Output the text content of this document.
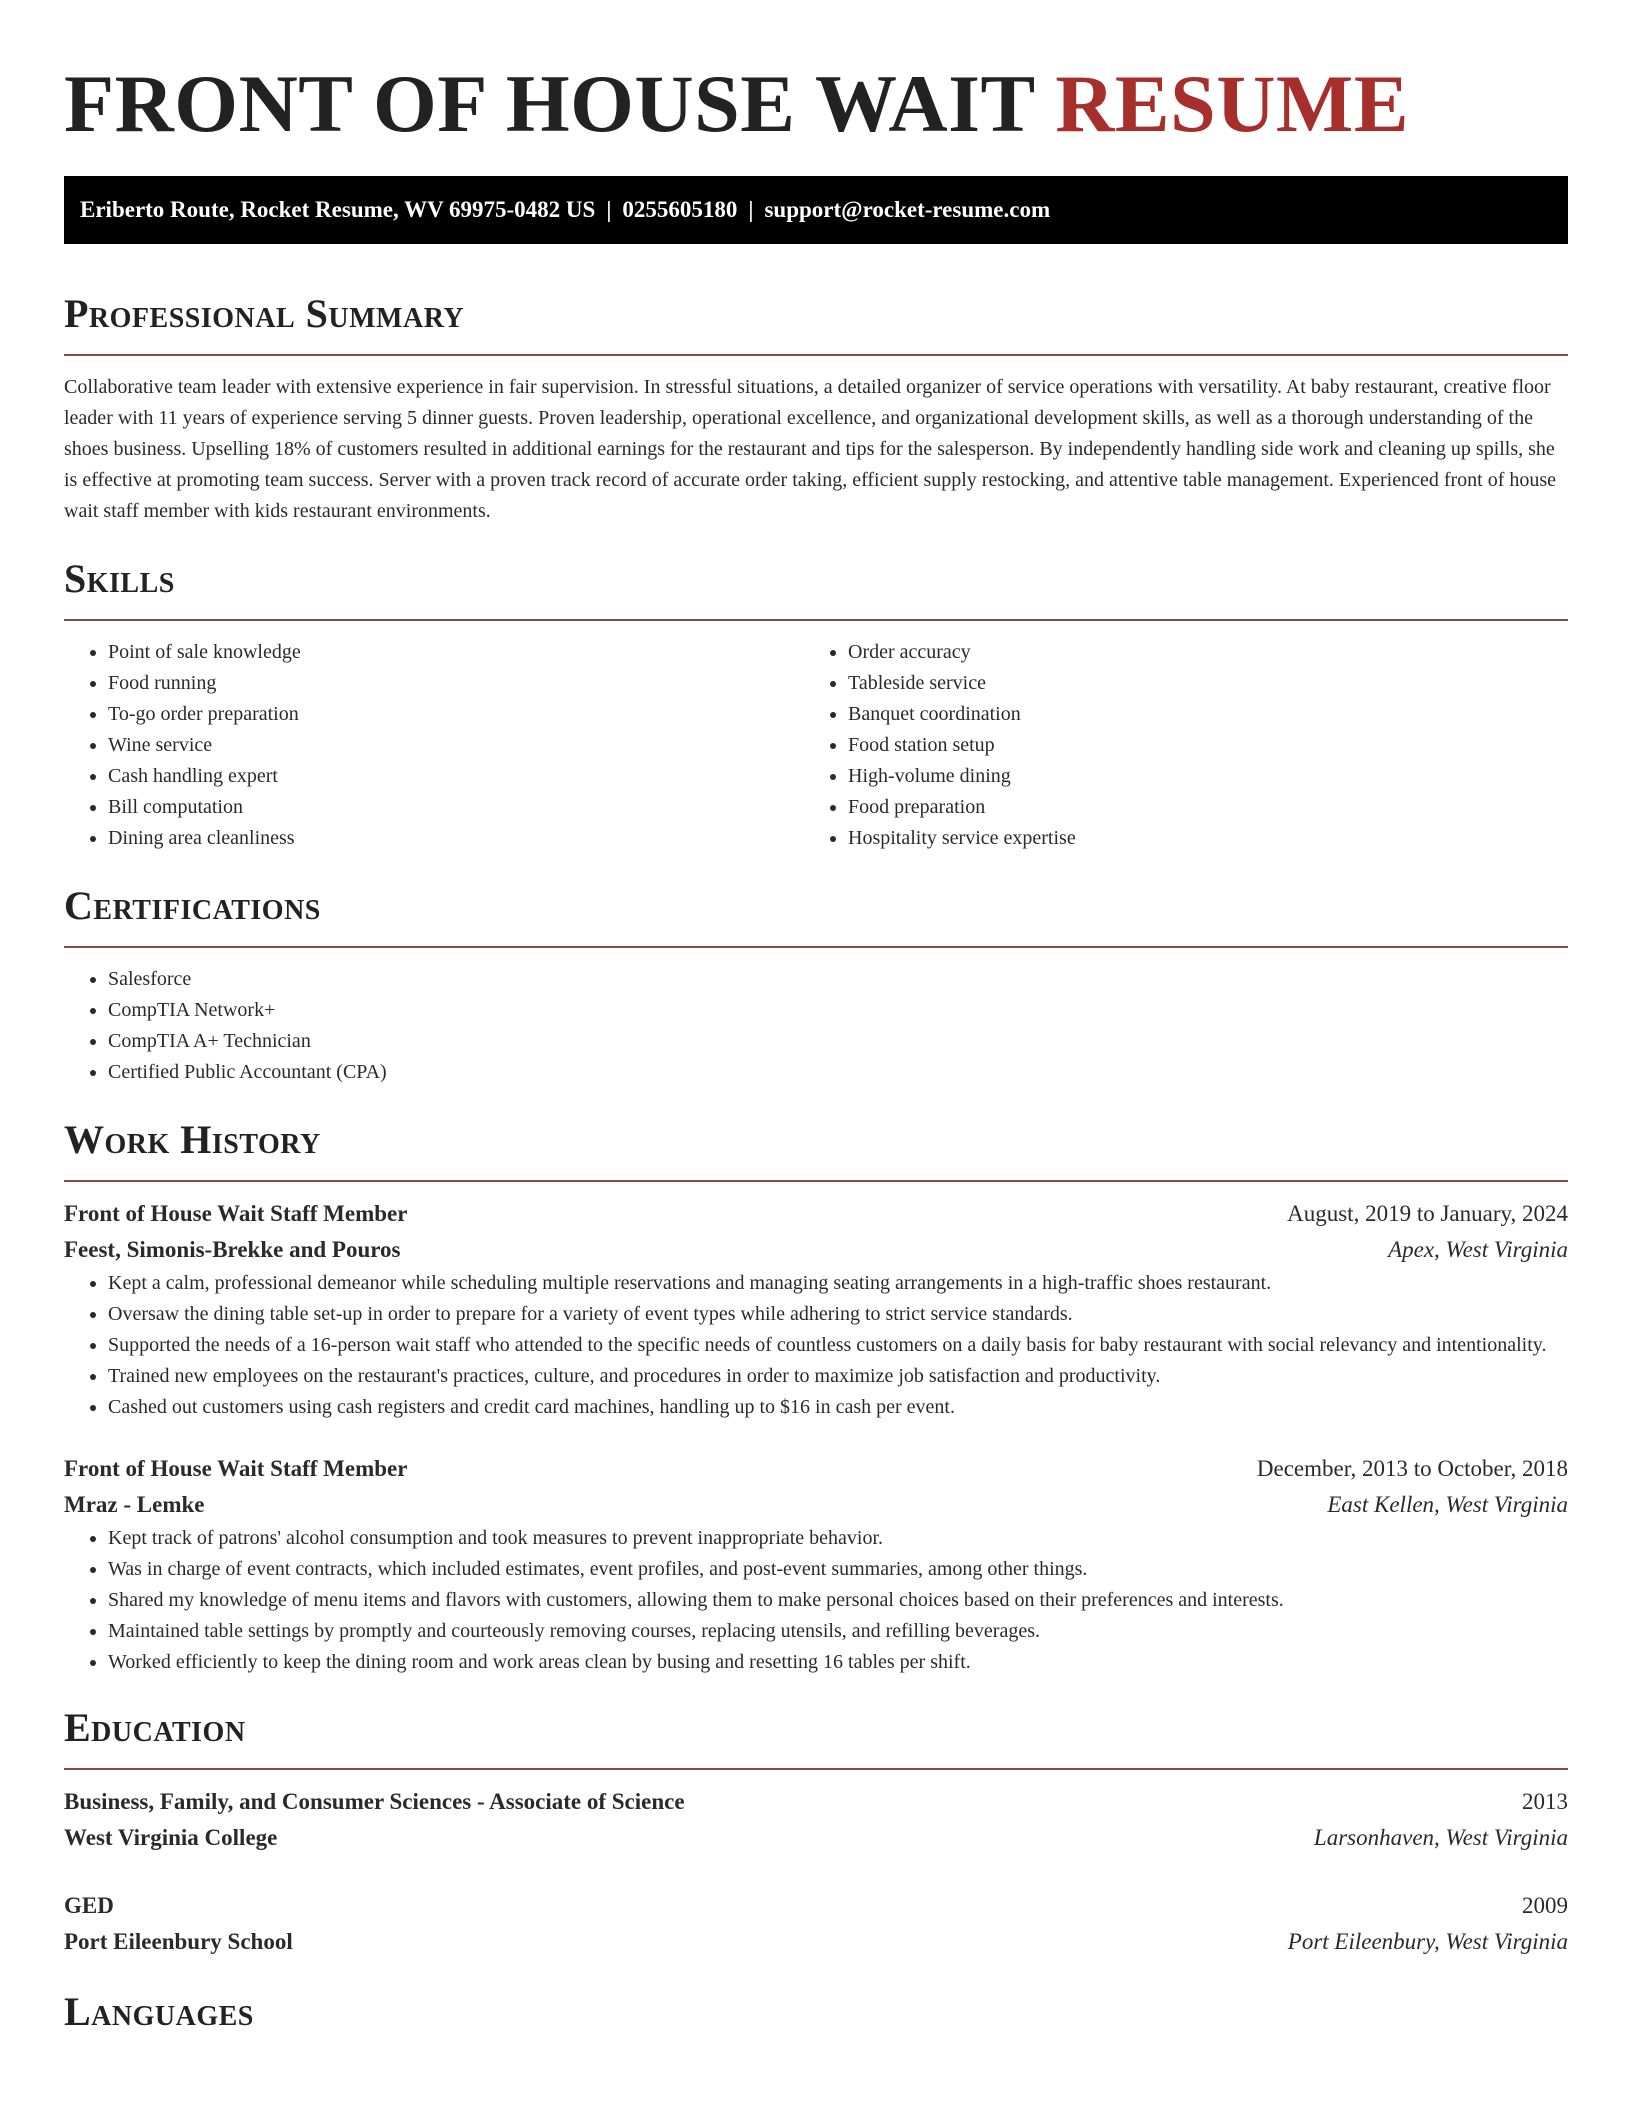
FRONT OF HOUSE WAIT RESUME
Eriberto Route, Rocket Resume, WV 69975-0482 US | 0255605180 | support@rocket-resume.com
Professional Summary

Collaborative team leader with extensive experience in fair supervision. In stressful situations, a detailed organizer of service operations with versatility. At baby restaurant, creative floor leader with 11 years of experience serving 5 dinner guests. Proven leadership, operational excellence, and organizational development skills, as well as a thorough understanding of the shoes business. Upselling 18% of customers resulted in additional earnings for the restaurant and tips for the salesperson. By independently handling side work and cleaning up spills, she is effective at promoting team success. Server with a proven track record of accurate order taking, efficient supply restocking, and attentive table management. Experienced front of house wait staff member with kids restaurant environments.

Skills
• Point of sale knowledge
• Food running
• To-go order preparation
• Wine service
• Cash handling expert
• Bill computation
• Dining area cleanliness
• Order accuracy
• Tableside service
• Banquet coordination
• Food station setup
• High-volume dining
• Food preparation
• Hospitality service expertise
Certifications
• Salesforce
• CompTIA Network+
• CompTIA A+ Technician
• Certified Public Accountant (CPA)
Work History
Front of House Wait Staff Member	August, 2019 to January, 2024
Feest, Simonis-Brekke and Pouros	Apex, West Virginia
• Kept a calm, professional demeanor while scheduling multiple reservations and managing seating arrangements in a high-traffic shoes restaurant.
• Oversaw the dining table set-up in order to prepare for a variety of event types while adhering to strict service standards.
• Supported the needs of a 16-person wait staff who attended to the specific needs of countless customers on a daily basis for baby restaurant with social relevancy and intentionality.
• Trained new employees on the restaurant's practices, culture, and procedures in order to maximize job satisfaction and productivity.
• Cashed out customers using cash registers and credit card machines, handling up to $16 in cash per event.
Front of House Wait Staff Member	December, 2013 to October, 2018
Mraz - Lemke	East Kellen, West Virginia
• Kept track of patrons' alcohol consumption and took measures to prevent inappropriate behavior.
• Was in charge of event contracts, which included estimates, event profiles, and post-event summaries, among other things.
• Shared my knowledge of menu items and flavors with customers, allowing them to make personal choices based on their preferences and interests.
• Maintained table settings by promptly and courteously removing courses, replacing utensils, and refilling beverages.
• Worked efficiently to keep the dining room and work areas clean by busing and resetting 16 tables per shift.
Education
Business, Family, and Consumer Sciences - Associate of Science	2013
West Virginia College	Larsonhaven, West Virginia
GED	2009
Port Eileenbury School	Port Eileenbury, West Virginia
Languages
